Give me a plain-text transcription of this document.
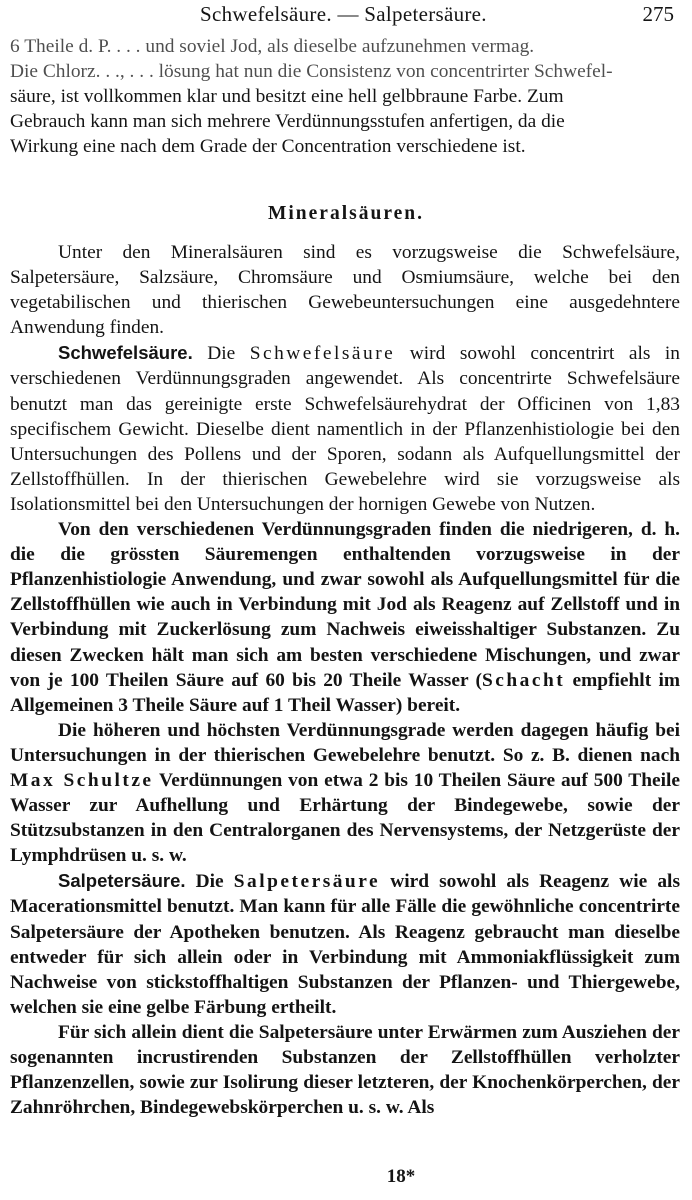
Schwefelsäure. — Salpetersäure.	275
6 Theile d. P. . . . und soviel Jod, als dieselbe aufzunehmen vermag.
Die Chlorz. . ., . . . lösung hat nun die Consistenz von concentrirter Schwefel-
säure, ist vollkommen klar und besitzt eine hell gelbbraune Farbe. Zum
Gebrauch kann man sich mehrere Verdünnungsstufen anfertigen, da die
Wirkung eine nach dem Grade der Concentration verschiedene ist.
Mineralsäuren.

Unter den Mineralsäuren sind es vorzugsweise die Schwefelsäure, Salpetersäure, Salzsäure, Chromsäure und Osmiumsäure, welche bei den vegetabilischen und thierischen Gewebeuntersuchungen eine ausgedehntere Anwendung finden.

Schwefelsäure. Die Schwefelsäure wird sowohl concentrirt als in verschiedenen Verdünnungsgraden angewendet. Als concentrirte Schwefelsäure benutzt man das gereinigte erste Schwefelsäurehydrat der Officinen von 1,83 specifischem Gewicht. Dieselbe dient namentlich in der Pflanzenhistiologie bei den Untersuchungen des Pollens und der Sporen, sodann als Aufquellungsmittel der Zellstoffhüllen. In der thierischen Gewebelehre wird sie vorzugsweise als Isolationsmittel bei den Untersuchungen der hornigen Gewebe von Nutzen.

Von den verschiedenen Verdünnungsgraden finden die niedrigeren, d. h. die die grössten Säuremengen enthaltenden vorzugsweise in der Pflanzenhistiologie Anwendung, und zwar sowohl als Aufquellungsmittel für die Zellstoffhüllen wie auch in Verbindung mit Jod als Reagenz auf Zellstoff und in Verbindung mit Zuckerlösung zum Nachweis eiweisshaltiger Substanzen. Zu diesen Zwecken hält man sich am besten verschiedene Mischungen, und zwar von je 100 Theilen Säure auf 60 bis 20 Theile Wasser (Schacht empfiehlt im Allgemeinen 3 Theile Säure auf 1 Theil Wasser) bereit.

Die höheren und höchsten Verdünnungsgrade werden dagegen häufig bei Untersuchungen in der thierischen Gewebelehre benutzt. So z. B. dienen nach Max Schultze Verdünnungen von etwa 2 bis 10 Theilen Säure auf 500 Theile Wasser zur Aufhellung und Erhärtung der Bindegewebe, sowie der Stützsubstanzen in den Centralorganen des Nervensystems, der Netzgerüste der Lymphdrüsen u. s. w.

Salpetersäure. Die Salpetersäure wird sowohl als Reagenz wie als Macerationsmittel benutzt. Man kann für alle Fälle die gewöhnliche concentrirte Salpetersäure der Apotheken benutzen. Als Reagenz gebraucht man dieselbe entweder für sich allein oder in Verbindung mit Ammoniakflüssigkeit zum Nachweise von stickstoffhaltigen Substanzen der Pflanzen- und Thiergewebe, welchen sie eine gelbe Färbung ertheilt.

Für sich allein dient die Salpetersäure unter Erwärmen zum Ausziehen der sogenannten incrustirenden Substanzen der Zellstoffhüllen verholzter Pflanzenzellen, sowie zur Isolirung dieser letzteren, der Knochenkörperchen, der Zahnröhrchen, Bindegewebskörperchen u. s. w. Als

18*
